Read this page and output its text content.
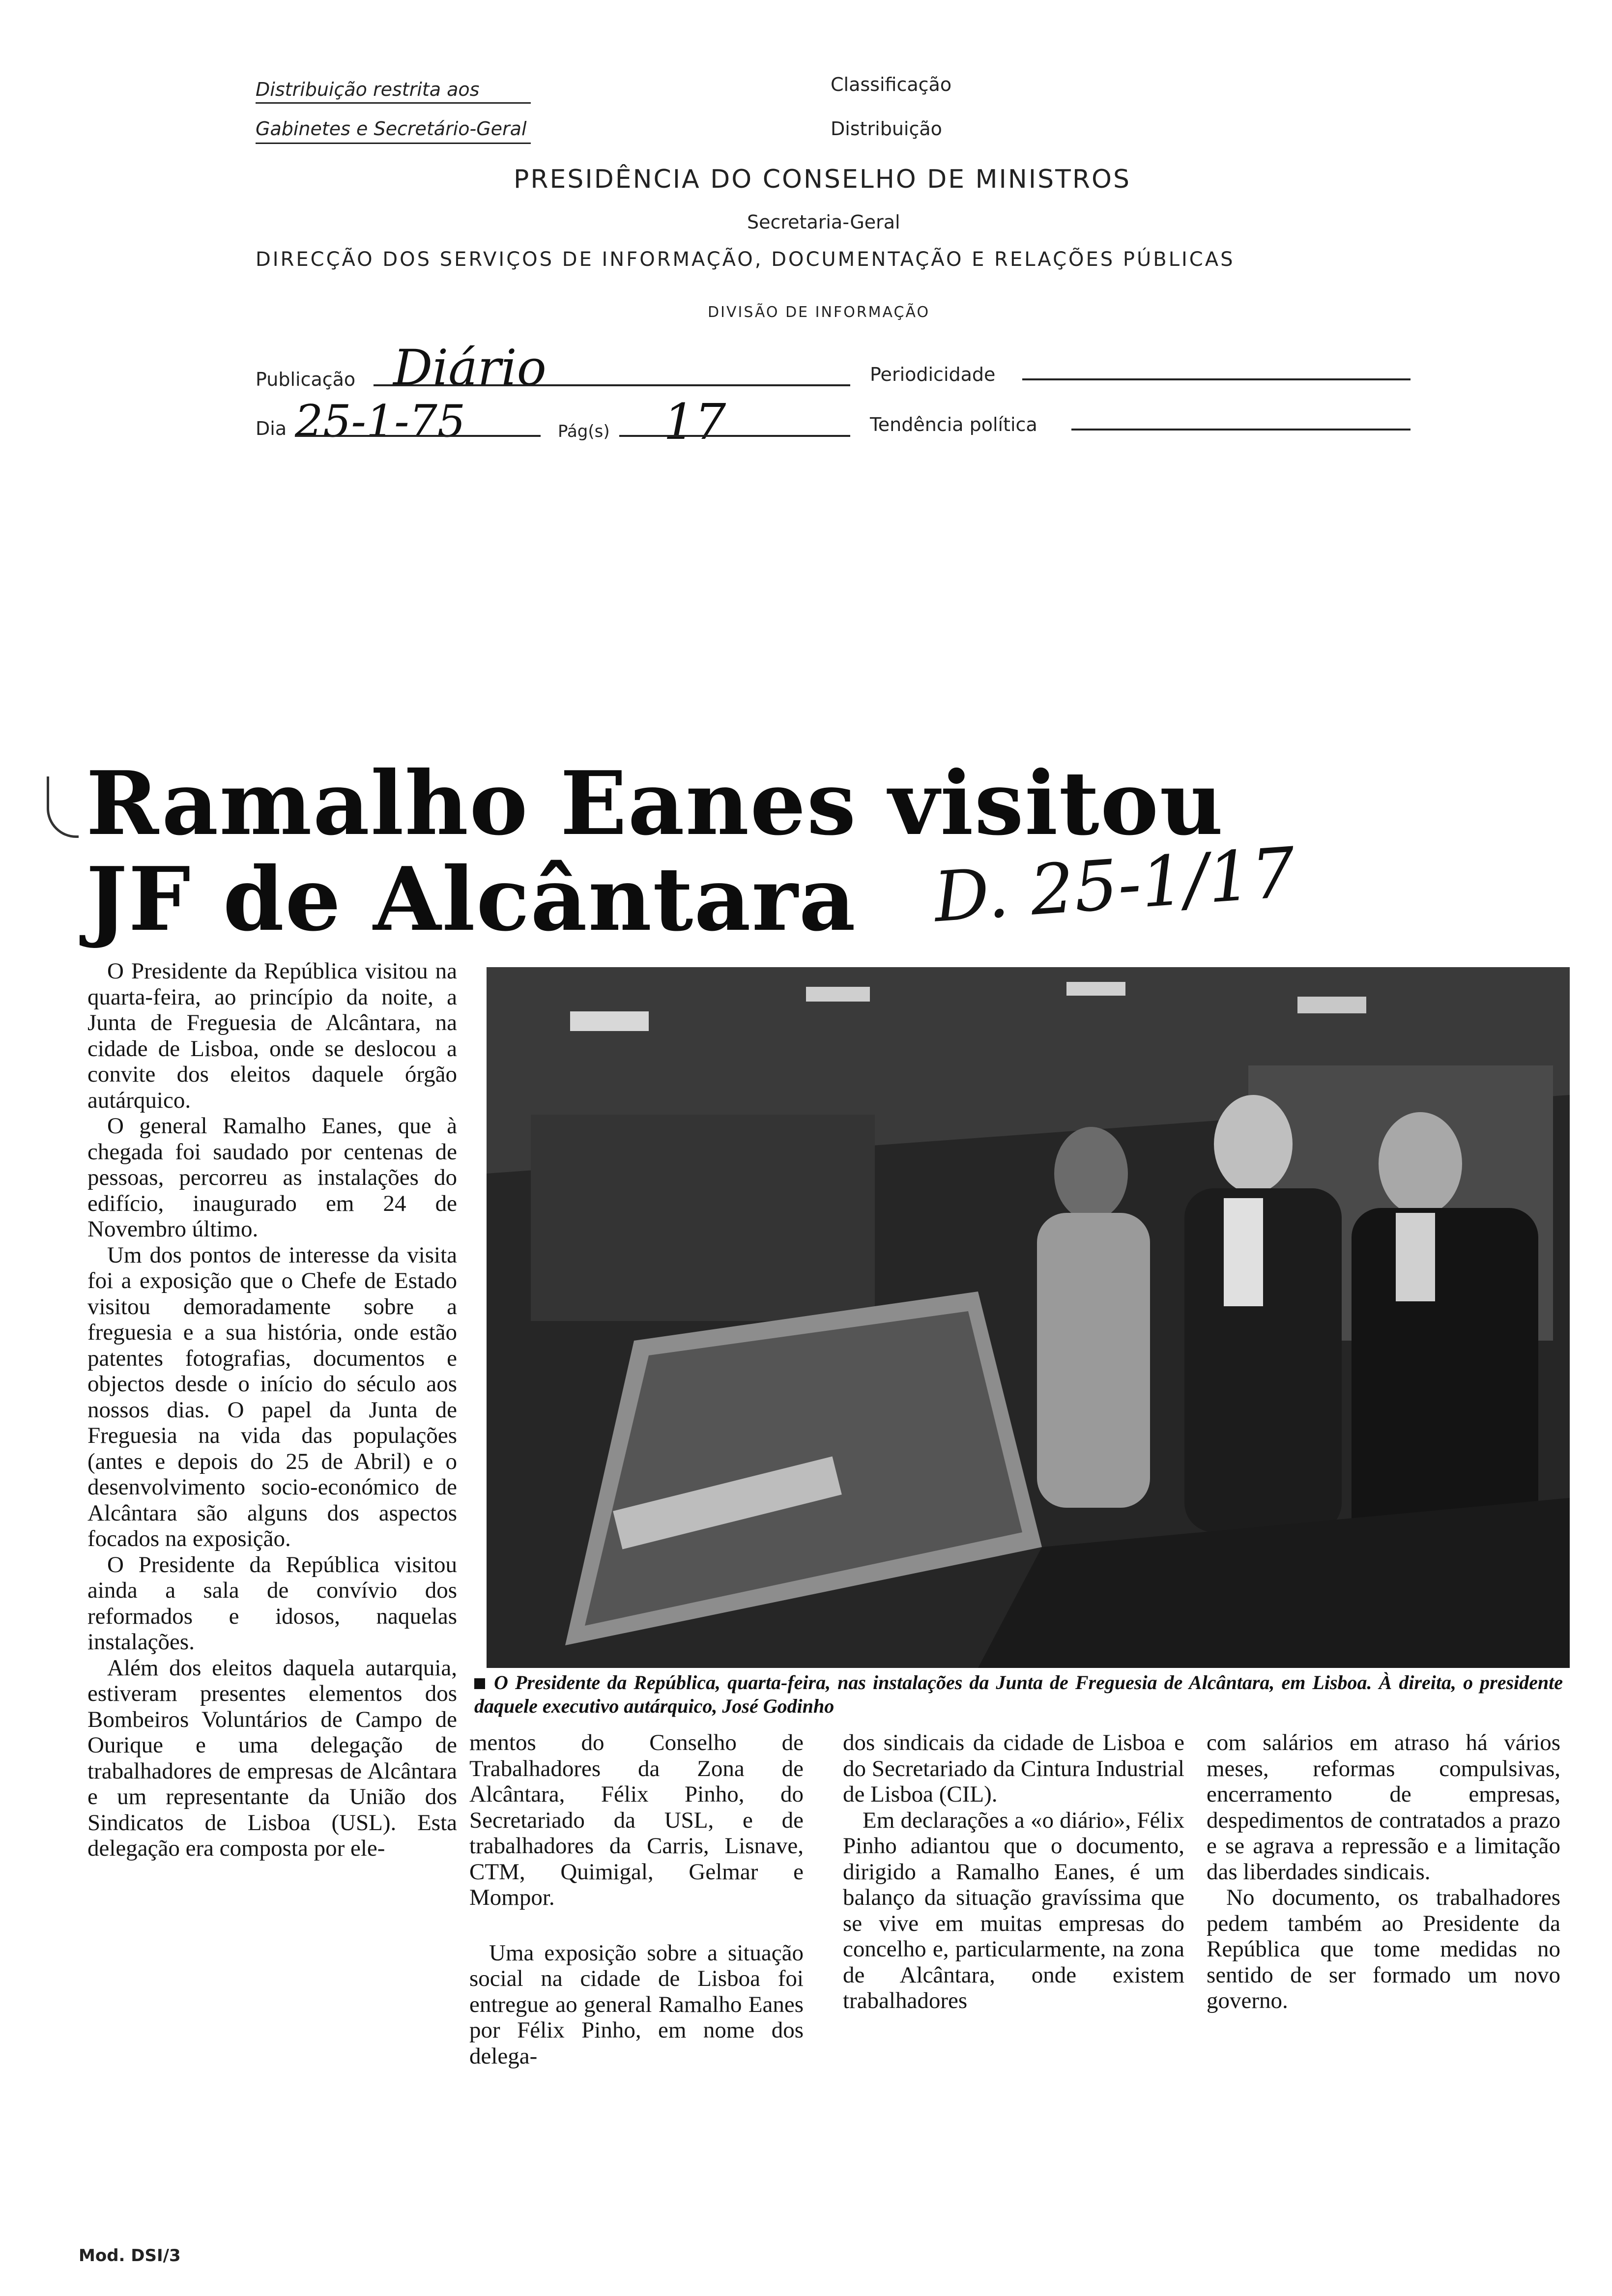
Distribuição restrita aos
Gabinetes e Secretário-Geral
Classificação
Distribuição
PRESIDÊNCIA DO CONSELHO DE MINISTROS
Secretaria-Geral
DIRECÇÃO DOS SERVIÇOS DE INFORMAÇÃO, DOCUMENTAÇÃO E RELAÇÕES PÚBLICAS
DIVISÃO DE INFORMAÇÃO
Publicação Diário	Periodicidade
Dia 25-1-75	Pág(s) 17	Tendência política
Ramalho Eanes visitou
JF de Alcântara D. 25-1/17

O Presidente da República visitou na quarta-feira, ao princípio da noite, a Junta de Freguesia de Alcântara, na cidade de Lisboa, onde se deslocou a convite dos eleitos daquele órgão autárquico.

O general Ramalho Eanes, que à chegada foi saudado por centenas de pessoas, percorreu as instalações do edifício, inaugurado em 24 de Novembro último.

Um dos pontos de interesse da visita foi a exposição que o Chefe de Estado visitou demoradamente sobre a freguesia e a sua história, onde estão patentes fotografias, documentos e objectos desde o início do século aos nossos dias. O papel da Junta de Freguesia na vida das populações (antes e depois do 25 de Abril) e o desenvolvimento socio-económico de Alcântara são alguns dos aspectos focados na exposição.

O Presidente da República visitou ainda a sala de convívio dos reformados e idosos, naquelas instalações.

Além dos eleitos daquela autarquia, estiveram presentes elementos dos Bombeiros Voluntários de Campo de Ourique e uma delegação de trabalhadores de empresas de Alcântara e um representante da União dos Sindicatos de Lisboa (USL). Esta delegação era composta por ele-

O Presidente da República, quarta-feira, nas instalações da Junta de Freguesia de Alcântara, em Lisboa. À direita, o presidente daquele executivo autárquico, José Godinho

mentos do Conselho de Trabalhadores da Zona de Alcântara, Félix Pinho, do Secretariado da USL, e de trabalhadores da Carris, Lisnave, CTM, Quimigal, Gelmar e Mompor.

Uma exposição sobre a situação social na cidade de Lisboa foi entregue ao general Ramalho Eanes por Félix Pinho, em nome dos delega-

dos sindicais da cidade de Lisboa e do Secretariado da Cintura Industrial de Lisboa (CIL).

Em declarações a «o diário», Félix Pinho adiantou que o documento, dirigido a Ramalho Eanes, é um balanço da situação gravíssima que se vive em muitas empresas do concelho e, particularmente, na zona de Alcântara, onde existem trabalhadores

com salários em atraso há vários meses, reformas compulsivas, encerramento de empresas, despedimentos de contratados a prazo e se agrava a repressão e a limitação das liberdades sindicais.

No documento, os trabalhadores pedem também ao Presidente da República que tome medidas no sentido de ser formado um novo governo.

Mod. DSI/3
